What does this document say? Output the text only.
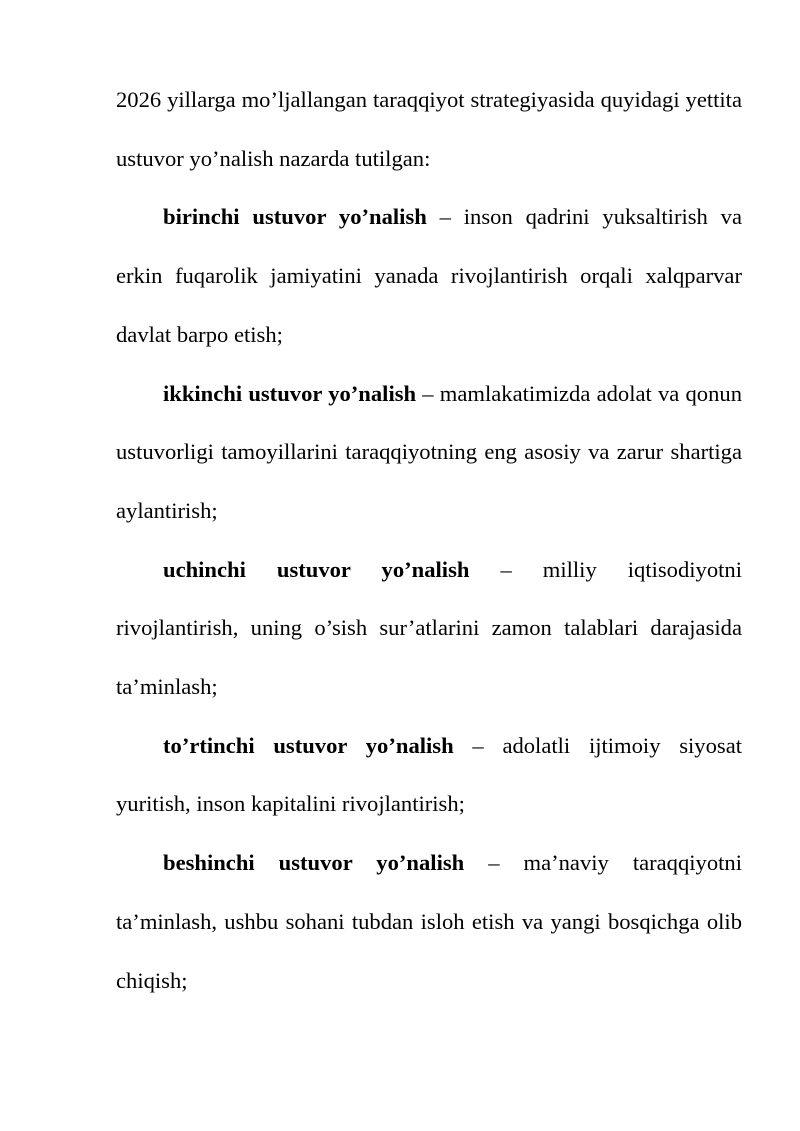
2026 yillarga mo’ljallangan taraqqiyot strategiyasida quyidagi yettita ustuvor yo’nalish nazarda tutilgan:

birinchi ustuvor yo’nalish – inson qadrini yuksaltirish va erkin fuqarolik jamiyatini yanada rivojlantirish orqali xalqparvar davlat barpo etish;

ikkinchi ustuvor yo’nalish – mamlakatimizda adolat va qonun ustuvorligi tamoyillarini taraqqiyotning eng asosiy va zarur shartiga aylantirish;

uchinchi ustuvor yo’nalish – milliy iqtisodiyotni rivojlantirish, uning o’sish sur’atlarini zamon talablari darajasida ta’minlash;

to’rtinchi ustuvor yo’nalish – adolatli ijtimoiy siyosat yuritish, inson kapitalini rivojlantirish;

beshinchi ustuvor yo’nalish – ma’naviy taraqqiyotni ta’minlash, ushbu sohani tubdan isloh etish va yangi bosqichga olib chiqish;
